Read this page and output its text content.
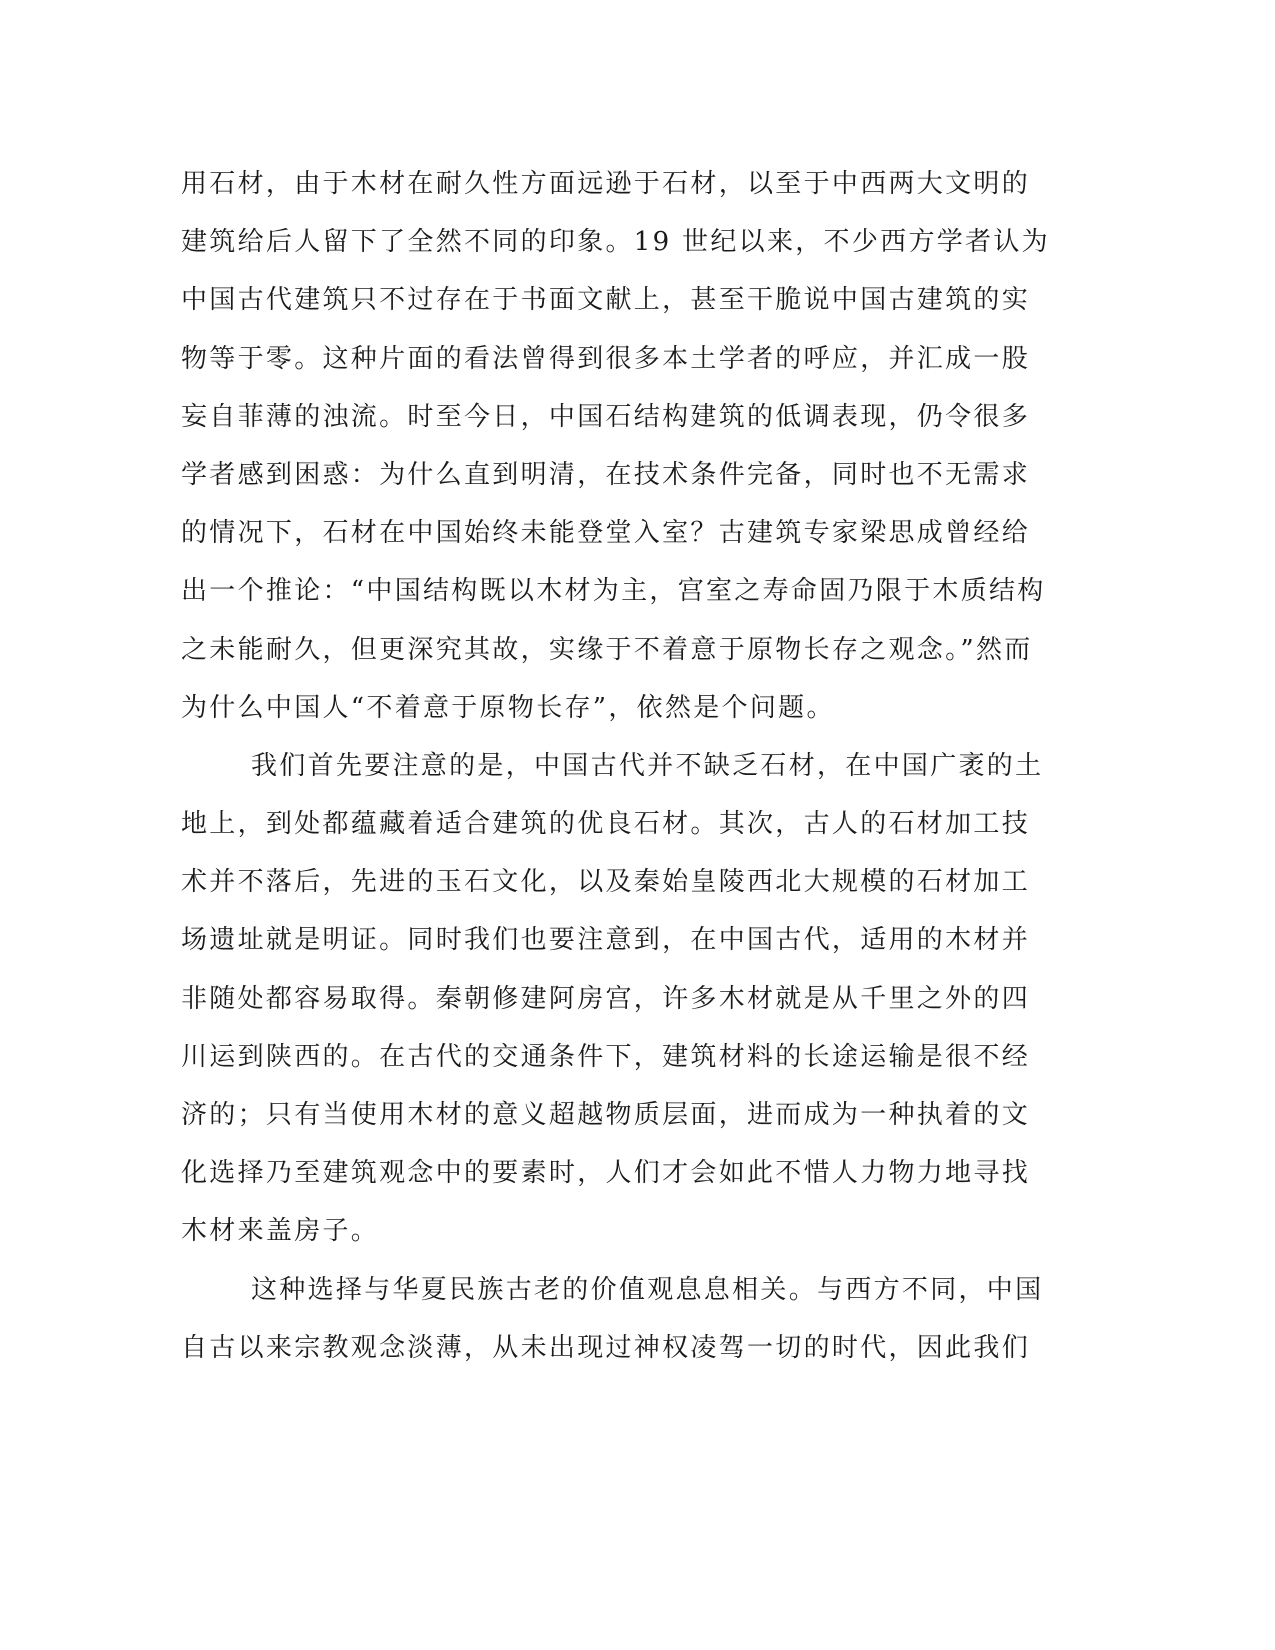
用石材，由于木材在耐久性方面远逊于石材，以至于中西两大文明的
建筑给后人留下了全然不同的印象。19 世纪以来，不少西方学者认为
中国古代建筑只不过存在于书面文献上，甚至干脆说中国古建筑的实
物等于零。这种片面的看法曾得到很多本土学者的呼应，并汇成一股
妄自菲薄的浊流。时至今日，中国石结构建筑的低调表现，仍令很多
学者感到困惑：为什么直到明清，在技术条件完备，同时也不无需求
的情况下，石材在中国始终未能登堂入室？古建筑专家梁思成曾经给
出一个推论：“中国结构既以木材为主，宫室之寿命固乃限于木质结构
之未能耐久，但更深究其故，实缘于不着意于原物长存之观念。”然而
为什么中国人“不着意于原物长存”，依然是个问题。
我们首先要注意的是，中国古代并不缺乏石材，在中国广袤的土
地上，到处都蕴藏着适合建筑的优良石材。其次，古人的石材加工技
术并不落后，先进的玉石文化，以及秦始皇陵西北大规模的石材加工
场遗址就是明证。同时我们也要注意到，在中国古代，适用的木材并
非随处都容易取得。秦朝修建阿房宫，许多木材就是从千里之外的四
川运到陕西的。在古代的交通条件下，建筑材料的长途运输是很不经
济的；只有当使用木材的意义超越物质层面，进而成为一种执着的文
化选择乃至建筑观念中的要素时，人们才会如此不惜人力物力地寻找
木材来盖房子。
这种选择与华夏民族古老的价值观息息相关。与西方不同，中国
自古以来宗教观念淡薄，从未出现过神权凌驾一切的时代，因此我们
